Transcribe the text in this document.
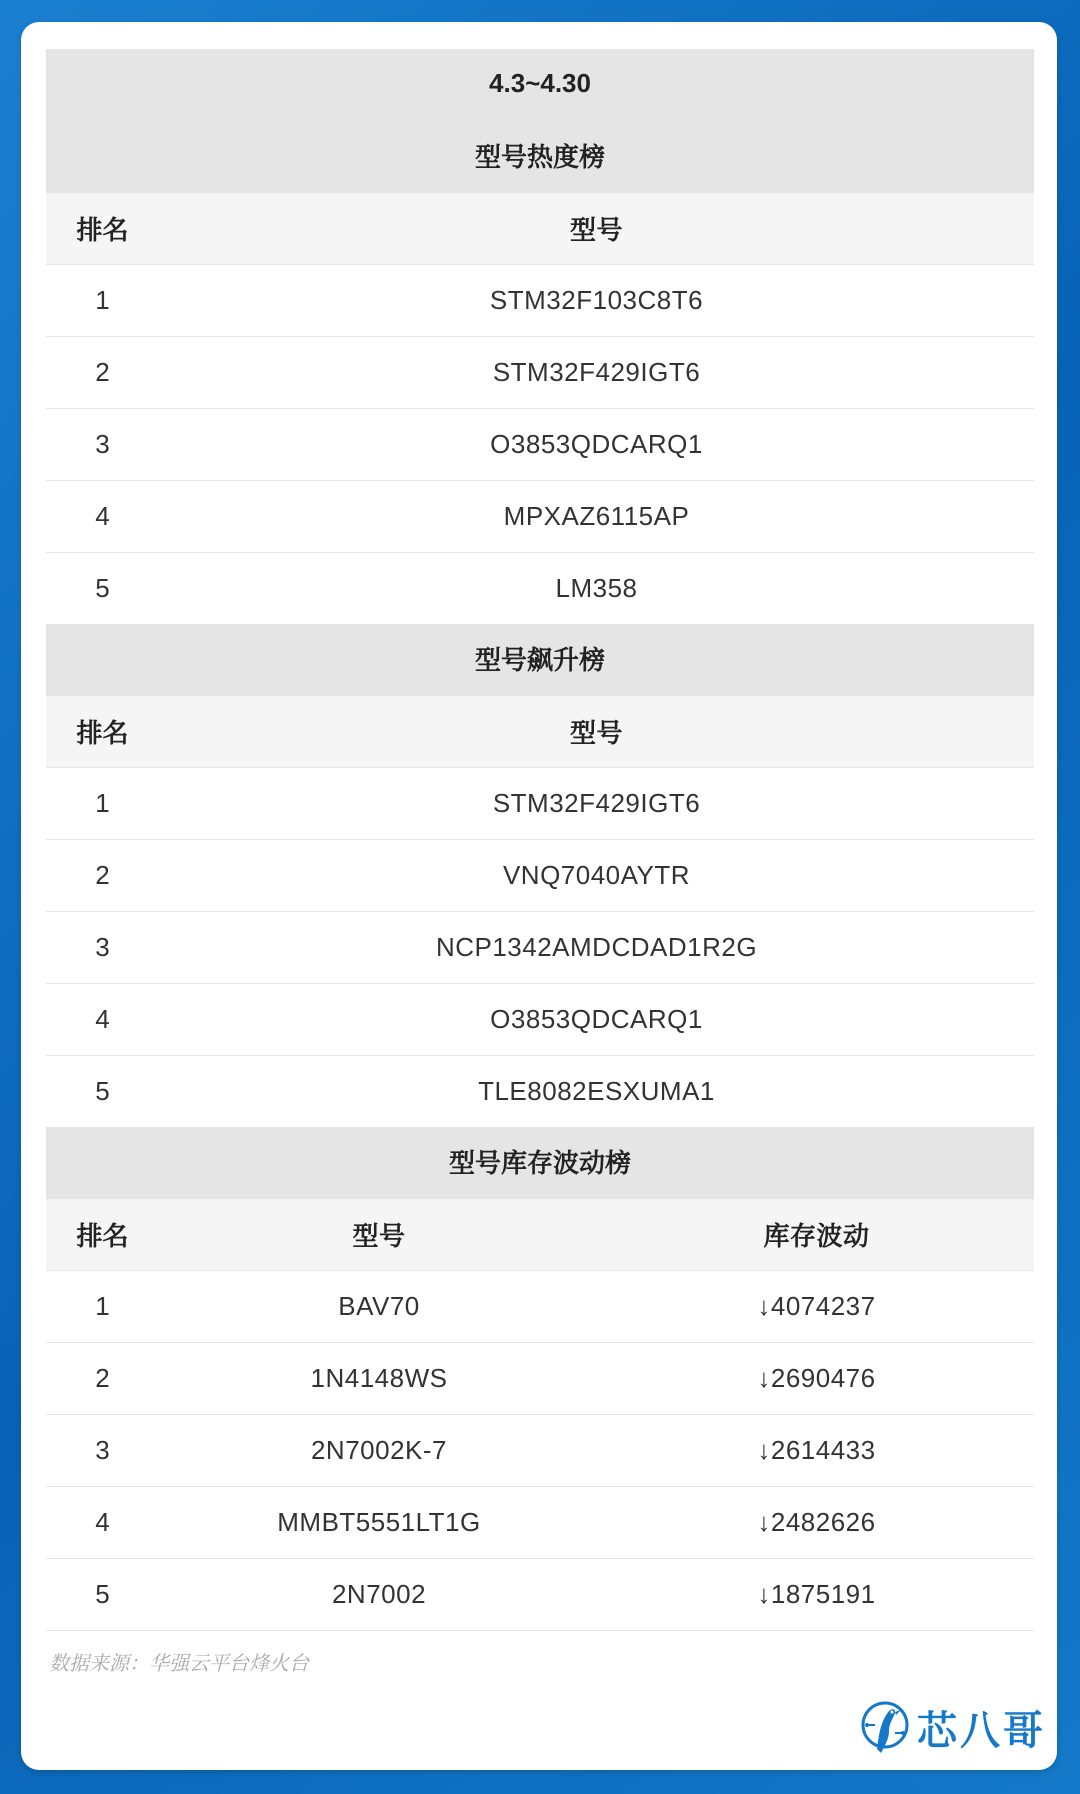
4.3~4.30
型号热度榜
排名	型号
1	STM32F103C8T6
2	STM32F429IGT6
3	O3853QDCARQ1
4	MPXAZ6115AP
5	LM358
型号飙升榜
排名	型号
1	STM32F429IGT6
2	VNQ7040AYTR
3	NCP1342AMDCDAD1R2G
4	O3853QDCARQ1
5	TLE8082ESXUMA1
型号库存波动榜
排名	型号	库存波动
1	BAV70	↓4074237
2	1N4148WS	↓2690476
3	2N7002K-7	↓2614433
4	MMBT5551LT1G	↓2482626
5	2N7002	↓1875191
数据来源：华强云平台烽火台
芯八哥
